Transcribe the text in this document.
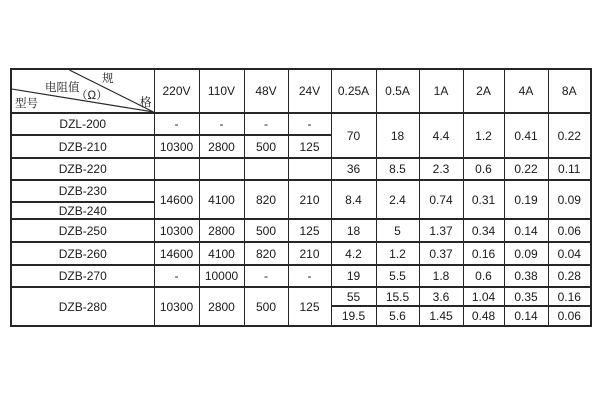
规
格
电阻值
（Ω）
型号	220V	110V	48V	24V	0.25A	0.5A	1A	2A	4A	8A
DZL-200	-	-	-	-	70	18	4.4	1.2	0.41	0.22
DZB-210	10300	2800	500	125						
DZB-220					36	8.5	2.3	0.6	0.22	0.11
DZB-230	14600	4100	820	210	8.4	2.4	0.74	0.31	0.19	0.09
DZB-240										
DZB-250	10300	2800	500	125	18	5	1.37	0.34	0.14	0.06
DZB-260	14600	4100	820	210	4.2	1.2	0.37	0.16	0.09	0.04
DZB-270	-	10000	-	-	19	5.5	1.8	0.6	0.38	0.28
DZB-280	10300	2800	500	125	55	15.5	3.6	1.04	0.35	0.16
					19.5	5.6	1.45	0.48	0.14	0.06
